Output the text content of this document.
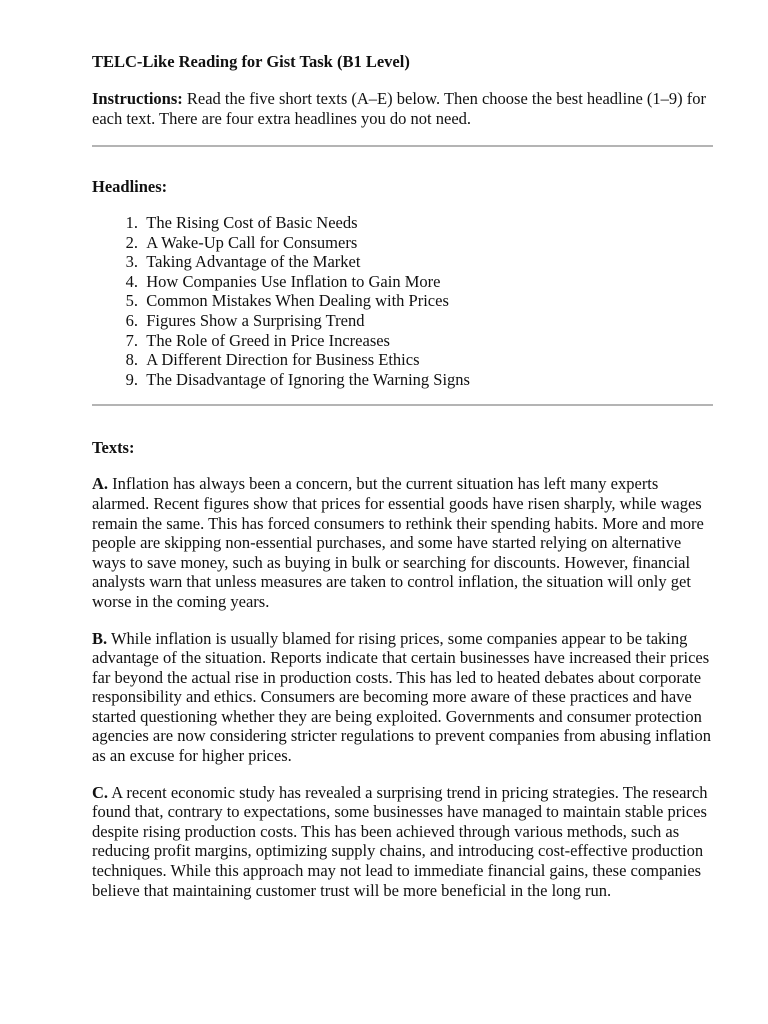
TELC-Like Reading for Gist Task (B1 Level)
Instructions: Read the five short texts (A–E) below. Then choose the best headline (1–9) for each text. There are four extra headlines you do not need.
Headlines:
1.
The Rising Cost of Basic Needs
2.
A Wake-Up Call for Consumers
3.
Taking Advantage of the Market
4.
How Companies Use Inflation to Gain More
5.
Common Mistakes When Dealing with Prices
6.
Figures Show a Surprising Trend
7.
The Role of Greed in Price Increases
8.
A Different Direction for Business Ethics
9.
The Disadvantage of Ignoring the Warning Signs
Texts:
A. Inflation has always been a concern, but the current situation has left many experts alarmed. Recent figures show that prices for essential goods have risen sharply, while wages remain the same. This has forced consumers to rethink their spending habits. More and more people are skipping non-essential purchases, and some have started relying on alternative ways to save money, such as buying in bulk or searching for discounts. However, financial analysts warn that unless measures are taken to control inflation, the situation will only get worse in the coming years.
B. While inflation is usually blamed for rising prices, some companies appear to be taking advantage of the situation. Reports indicate that certain businesses have increased their prices far beyond the actual rise in production costs. This has led to heated debates about corporate responsibility and ethics. Consumers are becoming more aware of these practices and have started questioning whether they are being exploited. Governments and consumer protection agencies are now considering stricter regulations to prevent companies from abusing inflation as an excuse for higher prices.
C. A recent economic study has revealed a surprising trend in pricing strategies. The research found that, contrary to expectations, some businesses have managed to maintain stable prices despite rising production costs. This has been achieved through various methods, such as reducing profit margins, optimizing supply chains, and introducing cost-effective production techniques. While this approach may not lead to immediate financial gains, these companies believe that maintaining customer trust will be more beneficial in the long run.
